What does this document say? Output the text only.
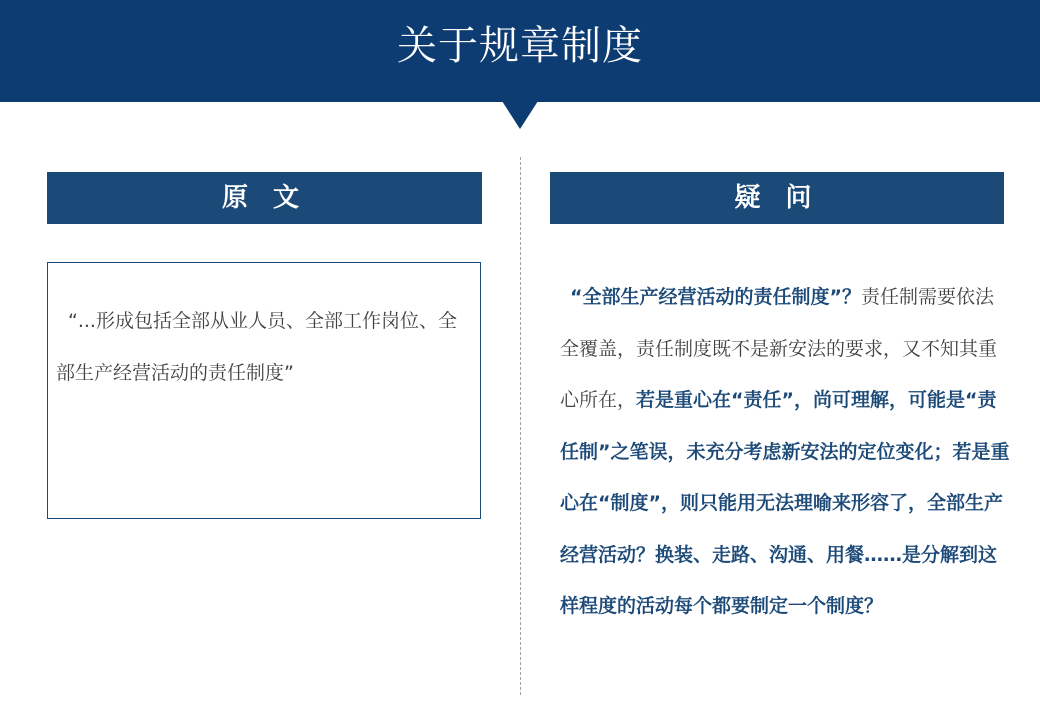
关于规章制度
原 文	疑 问

“...形成包括全部从业人员、全部工作岗位、全部生产经营活动的责任制度”

“全部生产经营活动的责任制度”？责任制需要依法全覆盖，责任制度既不是新安法的要求，又不知其重心所在，若是重心在“责任”，尚可理解，可能是“责任制”之笔误，未充分考虑新安法的定位变化；若是重心在“制度”，则只能用无法理喻来形容了，全部生产经营活动？换装、走路、沟通、用餐……是分解到这样程度的活动每个都要制定一个制度？
